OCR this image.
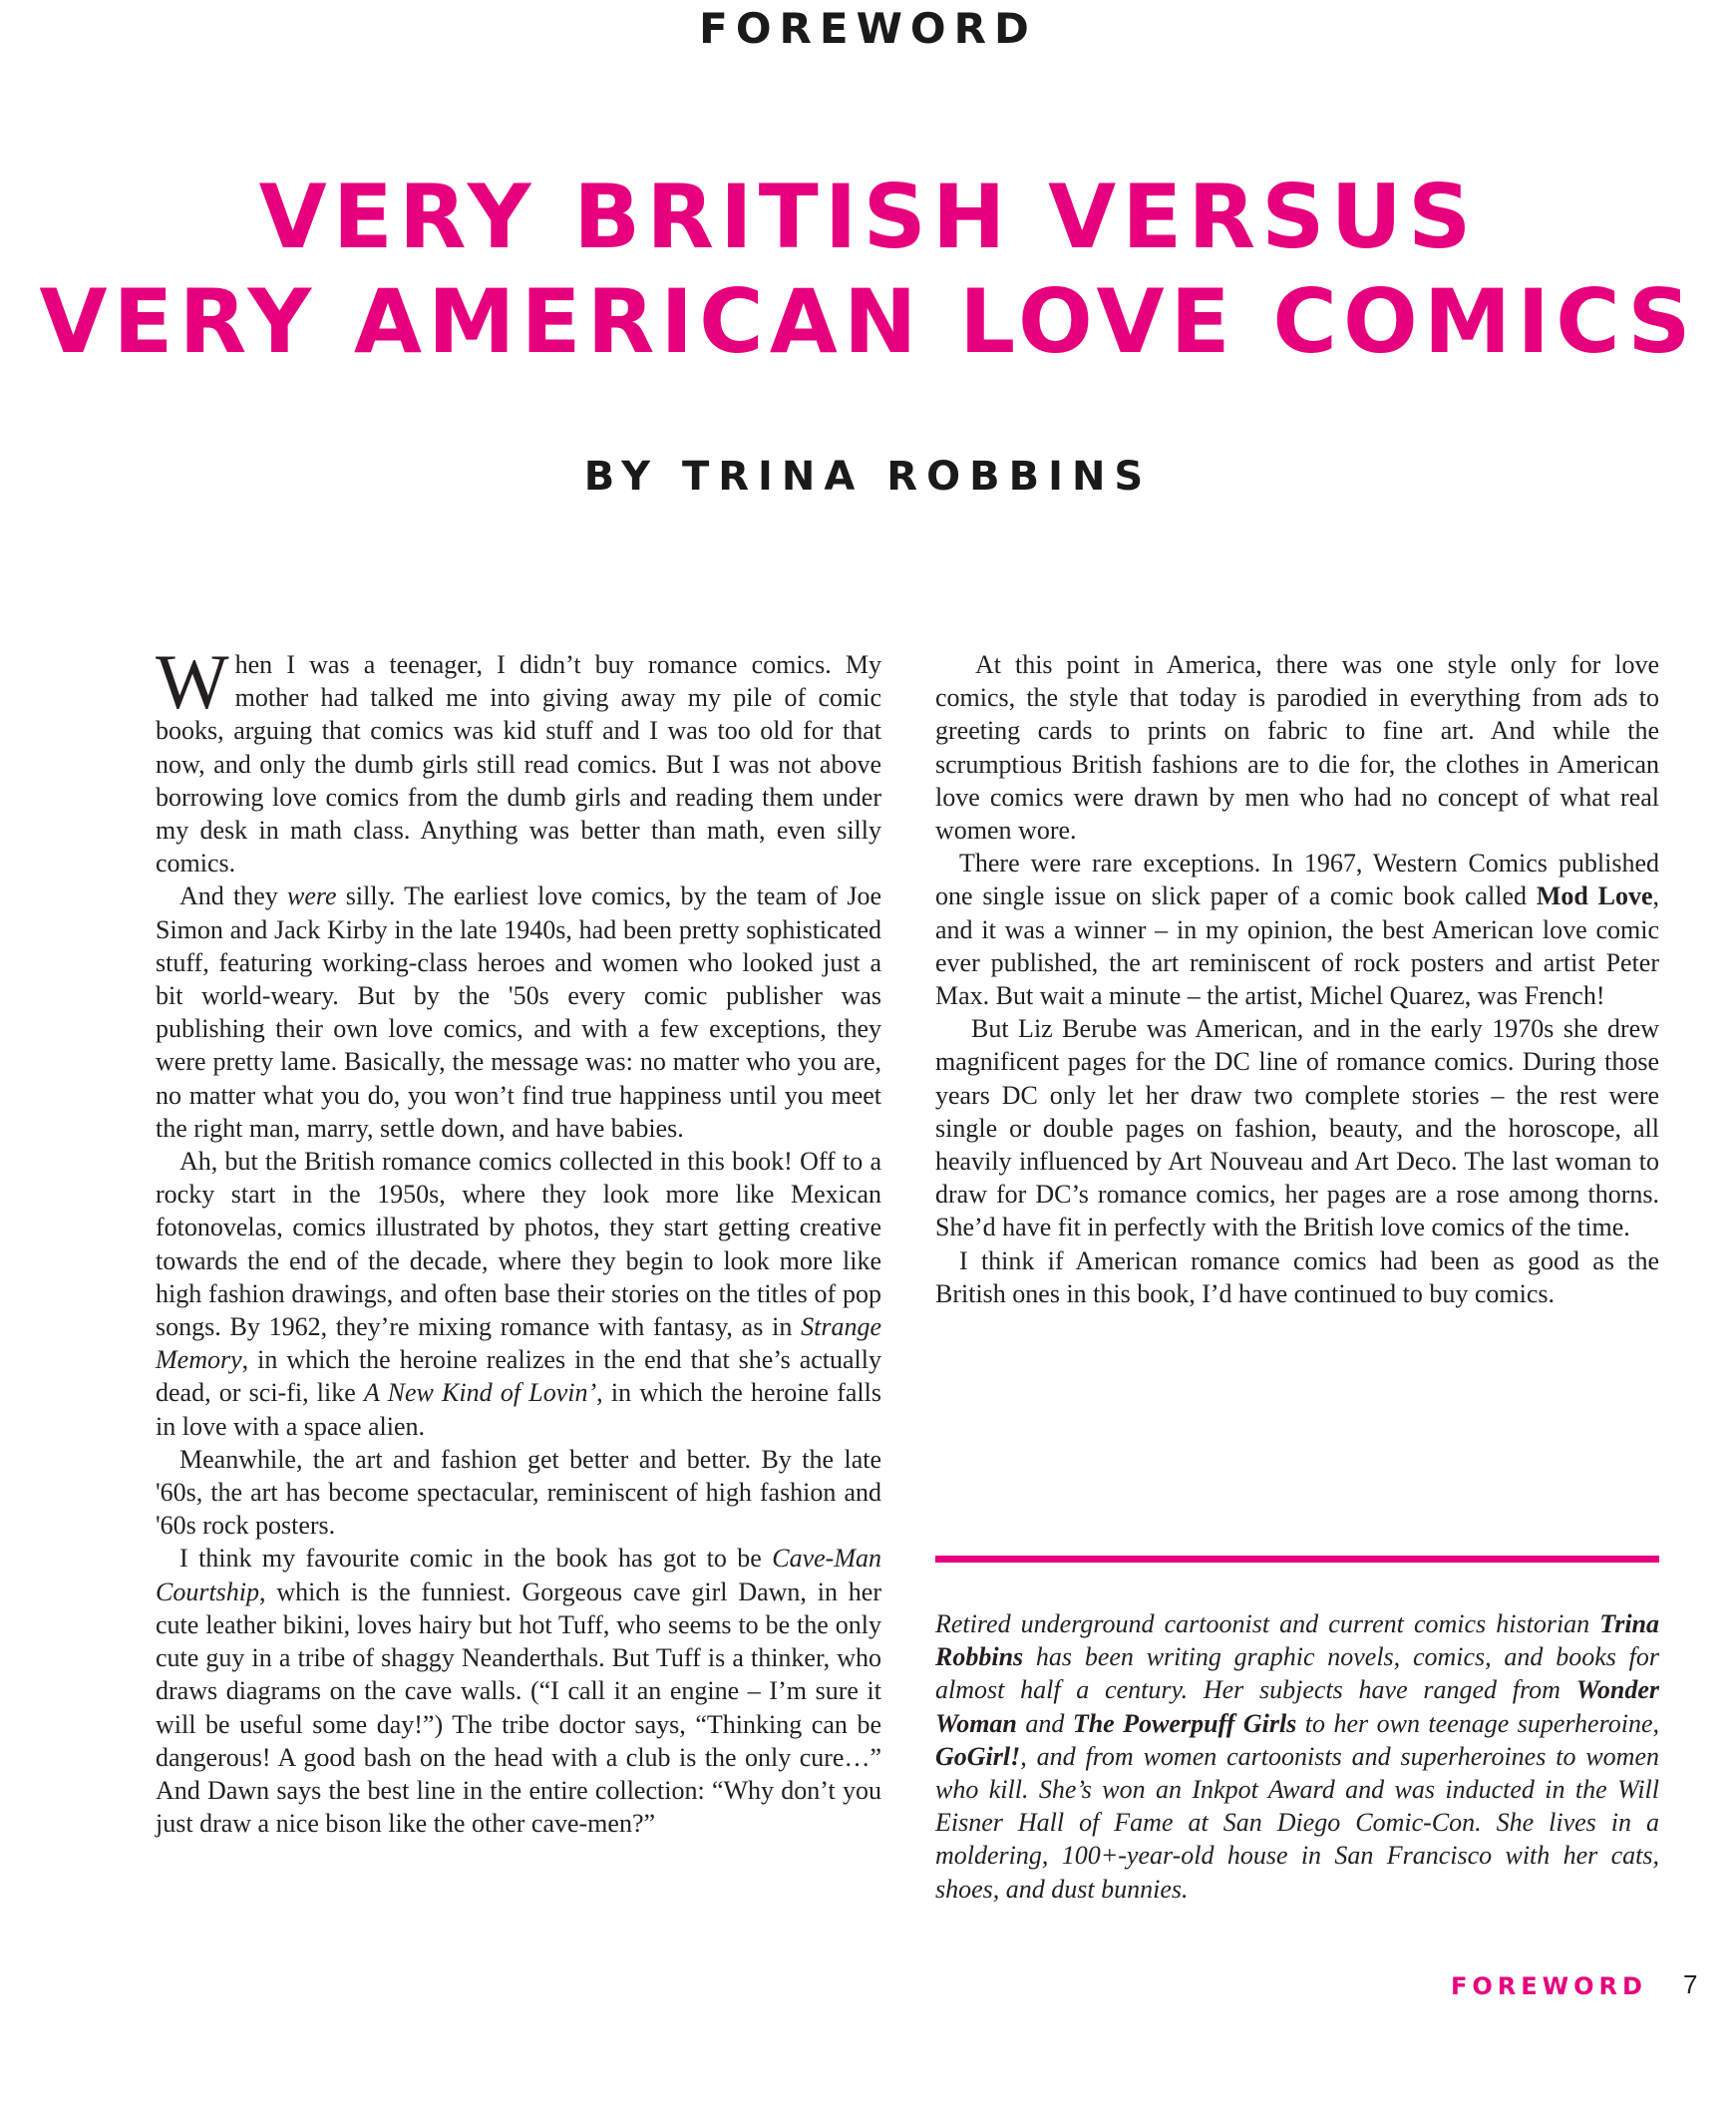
FOREWORD
VERY BRITISH VERSUS
VERY AMERICAN LOVE COMICS
BY TRINA ROBBINS

When I was a teenager, I didn’t buy romance comics. My mother had talked me into giving away my pile of comic books, arguing that comics was kid stuff and I was too old for that now, and only the dumb girls still read comics. But I was not above borrowing love comics from the dumb girls and reading them under my desk in math class. Anything was better than math, even silly comics.

And they were silly. The earliest love comics, by the team of Joe Simon and Jack Kirby in the late 1940s, had been pretty sophisticated stuff, featuring working-class heroes and women who looked just a bit world-weary. But by the '50s every comic publisher was publishing their own love comics, and with a few exceptions, they were pretty lame. Basically, the message was: no matter who you are, no matter what you do, you won’t find true happiness until you meet the right man, marry, settle down, and have babies.

Ah, but the British romance comics collected in this book! Off to a rocky start in the 1950s, where they look more like Mexican fotonovelas, comics illustrated by photos, they start getting creative towards the end of the decade, where they begin to look more like high fashion drawings, and often base their stories on the titles of pop songs. By 1962, they’re mixing romance with fantasy, as in Strange Memory, in which the heroine realizes in the end that she’s actually dead, or sci-fi, like A New Kind of Lovin’, in which the heroine falls in love with a space alien.

Meanwhile, the art and fashion get better and better. By the late '60s, the art has become spectacular, reminiscent of high fashion and '60s rock posters.

I think my favourite comic in the book has got to be Cave-Man Courtship, which is the funniest. Gorgeous cave girl Dawn, in her cute leather bikini, loves hairy but hot Tuff, who seems to be the only cute guy in a tribe of shaggy Neanderthals. But Tuff is a thinker, who draws diagrams on the cave walls. (“I call it an engine – I’m sure it will be useful some day!”) The tribe doctor says, “Thinking can be dangerous! A good bash on the head with a club is the only cure…” And Dawn says the best line in the entire collection: “Why don’t you just draw a nice bison like the other cave-men?”

At this point in America, there was one style only for love comics, the style that today is parodied in everything from ads to greeting cards to prints on fabric to fine art. And while the scrumptious British fashions are to die for, the clothes in American love comics were drawn by men who had no concept of what real women wore.

There were rare exceptions. In 1967, Western Comics published one single issue on slick paper of a comic book called Mod Love, and it was a winner – in my opinion, the best American love comic ever published, the art reminiscent of rock posters and artist Peter Max. But wait a minute – the artist, Michel Quarez, was French!

But Liz Berube was American, and in the early 1970s she drew magnificent pages for the DC line of romance comics. During those years DC only let her draw two complete stories – the rest were single or double pages on fashion, beauty, and the horoscope, all heavily influenced by Art Nouveau and Art Deco. The last woman to draw for DC’s romance comics, her pages are a rose among thorns. She’d have fit in perfectly with the British love comics of the time.

I think if American romance comics had been as good as the British ones in this book, I’d have continued to buy comics.

Retired underground cartoonist and current comics historian Trina Robbins has been writing graphic novels, comics, and books for almost half a century. Her subjects have ranged from Wonder Woman and The Powerpuff Girls to her own teenage superheroine, GoGirl!, and from women cartoonists and superheroines to women who kill. She’s won an Inkpot Award and was inducted in the Will Eisner Hall of Fame at San Diego Comic-Con. She lives in a moldering, 100+-year-old house in San Francisco with her cats, shoes, and dust bunnies.
FOREWORD 7
